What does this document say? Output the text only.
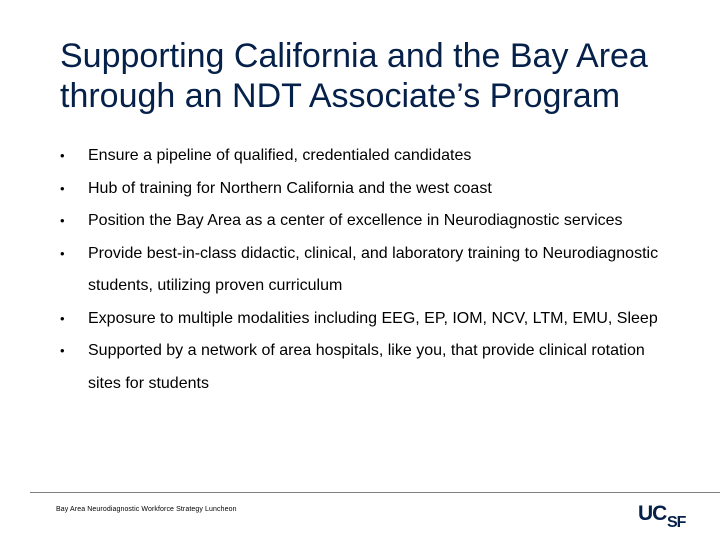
Supporting California and the Bay Area
through an NDT Associate’s Program
•	Ensure a pipeline of qualified, credentialed candidates
•	Hub of training for Northern California and the west coast
•	Position the Bay Area as a center of excellence in Neurodiagnostic services
•	Provide best-in-class didactic, clinical, and laboratory training to Neurodiagnostic students, utilizing proven curriculum
•	Exposure to multiple modalities including EEG, EP, IOM, NCV, LTM, EMU, Sleep
•	Supported by a network of area hospitals, like you, that provide clinical rotation sites for students
Bay Area Neurodiagnostic Workforce Strategy Luncheon	UC SF
